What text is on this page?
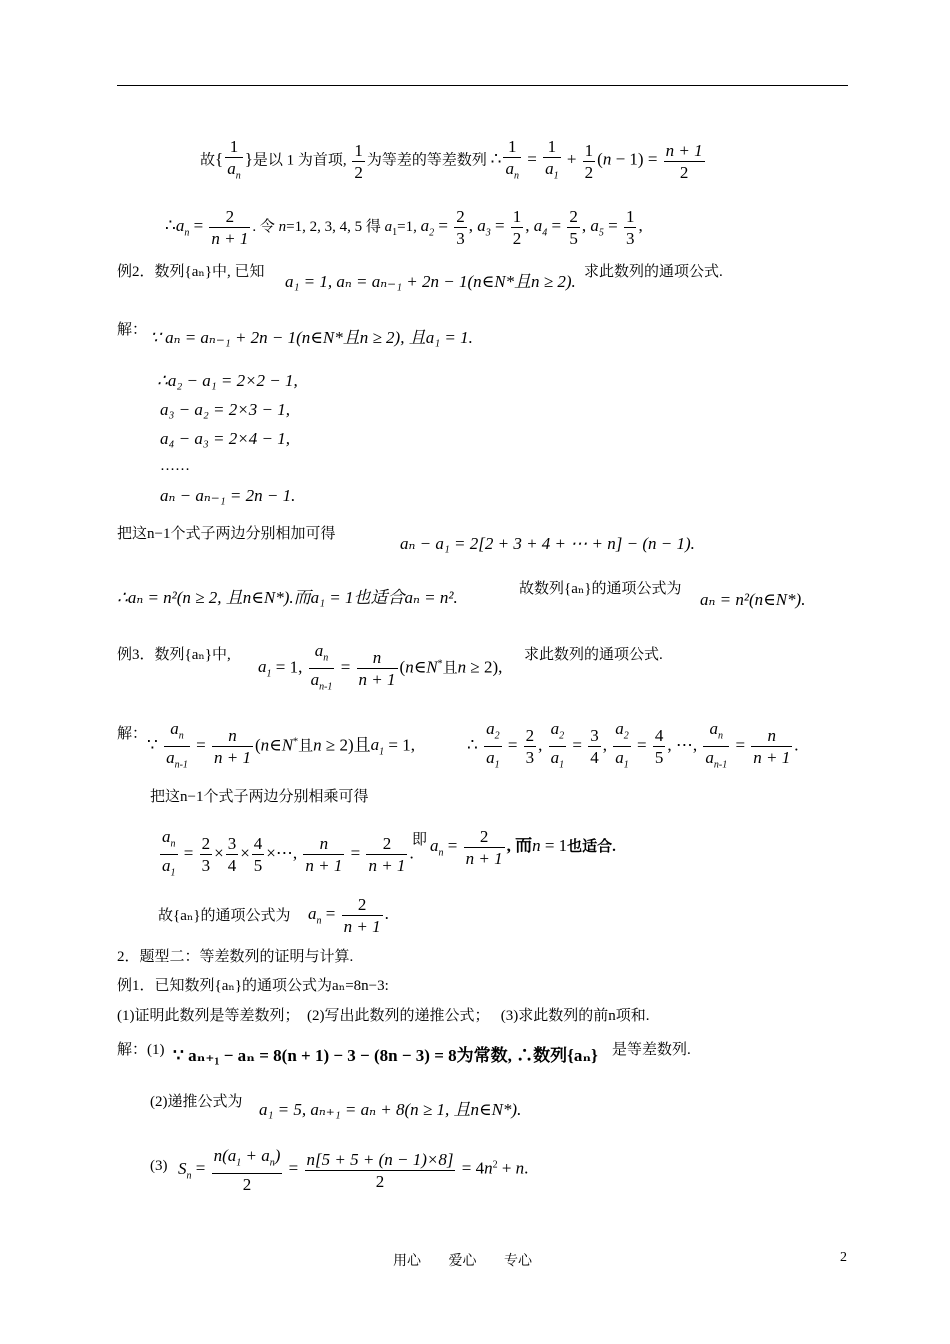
故{ $\frac{1}{a_n}$ }是以 1 为首项, $\frac{1}{2}$ 为等差的等差数列 ∴ $\frac{1}{a_n} = \frac{1}{a_1} + \frac{1}{2} (n - 1) = \frac{n + 1}{2}$
$\therefore a_n = \frac{2}{n + 1}$ . 令 n=1, 2, 3, 4, 5 得 $a_1=1$, $a_2 = \frac{2}{3}$ , $a_3 = \frac{1}{2}$ , $a_4 = \frac{2}{5}$ , $a_5 = \frac{1}{3}$ ,
例2．数列{aₙ}中, 已知 a₁ = 1, aₙ = aₙ₋₁ + 2n − 1(n∈N*且n ≥ 2). 求此数列的通项公式.
解： ∵ aₙ = aₙ₋₁ + 2n − 1(n∈N*且n ≥ 2), 且a₁ = 1.
∴a₂ − a₁ = 2×2 − 1,
a₃ − a₂ = 2×3 − 1,
a₄ − a₃ = 2×4 − 1,
……
aₙ − aₙ₋₁ = 2n − 1.
把这n−1个式子两边分别相加可得	aₙ − a₁ = 2[2 + 3 + 4 + ⋯ + n] − (n − 1).
∴aₙ = n²(n ≥ 2, 且n∈N*).而a₁ = 1也适合aₙ = n².	故数列{aₙ}的通项公式为
aₙ = n²(n∈N*).
例3．数列{aₙ}中,
$a_1 = 1$, $\frac{a_n}{a_{n-1}} = \frac{n}{n + 1}$ (n∈N*且n ≥ 2),
求此数列的通项公式.
解：
∵ $\frac{a_n}{a_{n-1}} = \frac{n}{n + 1}$ (n∈N*且n ≥ 2)且$a_1 = 1$,	∴ $\frac{a_2}{a_1} = \frac{2}{3}$ , $\frac{a_2}{a_1} = \frac{3}{4}$ , $\frac{a_2}{a_1} = \frac{4}{5}$ , ⋯, $\frac{a_n}{a_{n-1}} = \frac{n}{n + 1}$ .
把这n−1个式子两边分别相乘可得
$\frac{a_n}{a_1} = \frac{2}{3} \times \frac{3}{4} \times \frac{4}{5}$ ×⋯, $\frac{n}{n + 1} = \frac{2}{n + 1}$ .
即 $a_n = \frac{2}{n + 1}$ , 而n = 1也适合.
故{aₙ}的通项公式为 $a_n = \frac{2}{n + 1}$ .
2．题型二：等差数列的证明与计算.
例1．已知数列{aₙ}的通项公式为aₙ=8n−3:
(1)证明此数列是等差数列；　(2)写出此数列的递推公式；　 (3)求此数列的前n项和.
解：(1) ∵ aₙ₊₁ − aₙ = 8(n + 1) − 3 − (8n − 3) = 8为常数, ∴数列{aₙ} 是等差数列.
(2)递推公式为 a₁ = 5, aₙ₊₁ = aₙ + 8(n ≥ 1, 且n∈N*).
(3) $S_n = \frac{n(a_1 + a_n)}{2} = \frac{n[5 + 5 + (n - 1)\times 8]}{2} = 4n^2 + n$.
用心 爱心 专心	2
